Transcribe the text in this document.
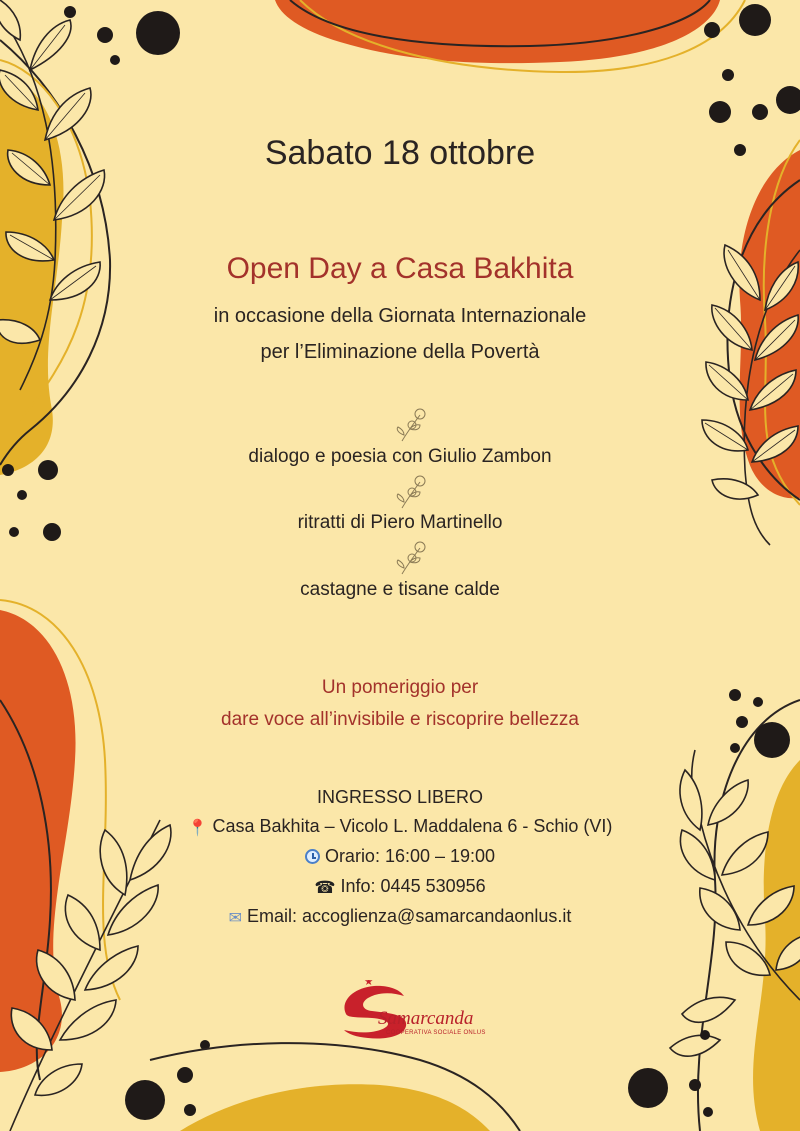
Sabato 18 ottobre
Open Day a Casa Bakhita
in occasione della Giornata Internazionale
per l’Eliminazione della Povertà
dialogo e poesia con Giulio Zambon
ritratti di Piero Martinello
castagne e tisane calde
Un pomeriggio per
dare voce all’invisibile e riscoprire bellezza
INGRESSO LIBERO
📍 Casa Bakhita – Vicolo L. Maddalena 6 - Schio (VI)
Orario: 16:00 – 19:00
☎ Info: 0445 530956
✉ Email: accoglienza@samarcandaonlus.it
Samarcanda
COOPERATIVA SOCIALE ONLUS
